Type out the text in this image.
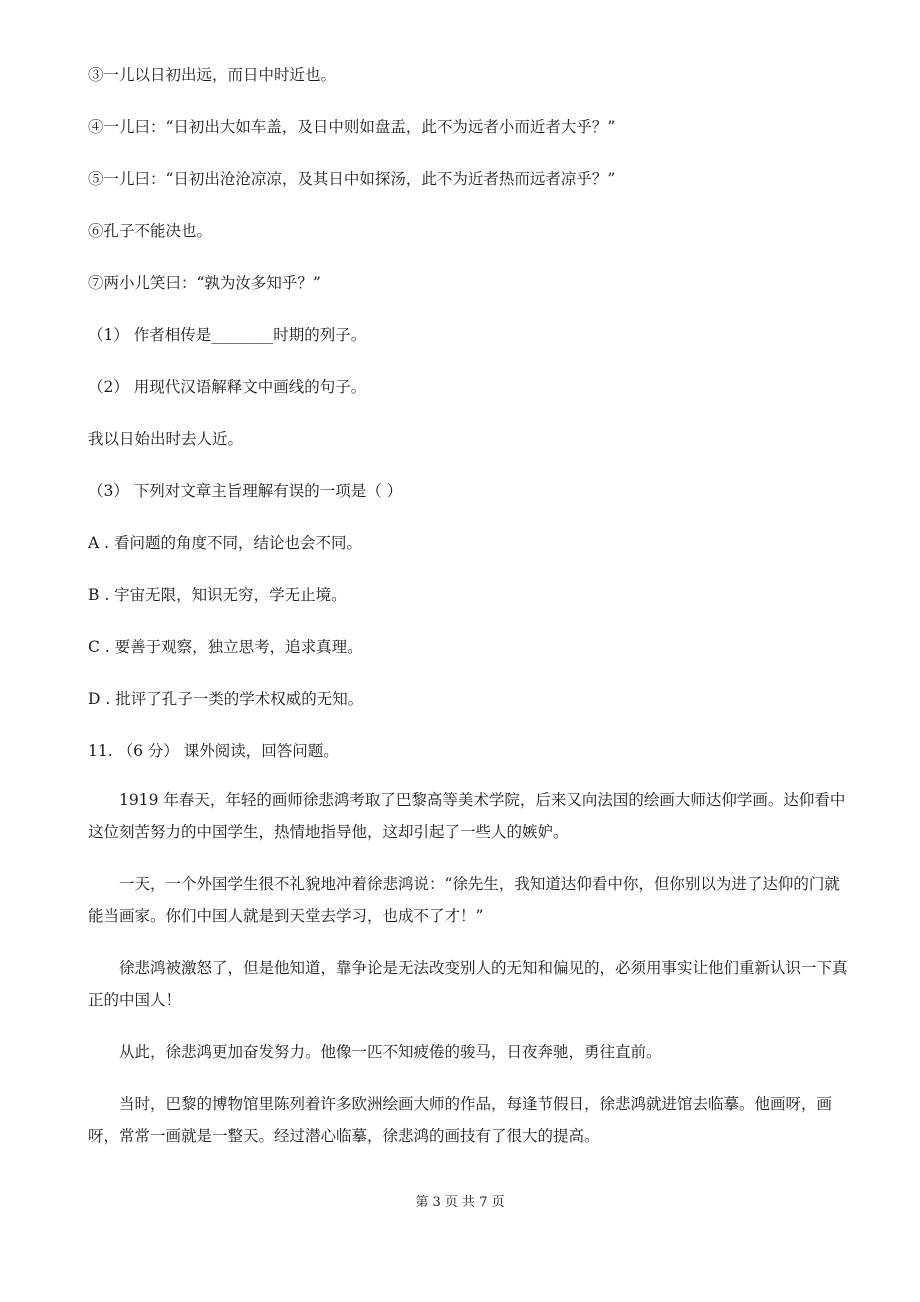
③一儿以日初出远，而日中时近也。
④一儿曰：“日初出大如车盖，及日中则如盘盂，此不为远者小而近者大乎？”
⑤一儿曰：“日初出沧沧凉凉，及其日中如探汤，此不为近者热而远者凉乎？”
⑥孔子不能决也。
⑦两小儿笑曰：“孰为汝多知乎？”
（1） 作者相传是________时期的列子。
（2） 用现代汉语解释文中画线的句子。
我以日始出时去人近。
（3） 下列对文章主旨理解有误的一项是（ ）
A . 看问题的角度不同，结论也会不同。
B . 宇宙无限，知识无穷，学无止境。
C . 要善于观察，独立思考，追求真理。
D . 批评了孔子一类的学术权威的无知。
11. （6 分） 课外阅读，回答问题。
1919 年春天，年轻的画师徐悲鸿考取了巴黎高等美术学院，后来又向法国的绘画大师达仰学画。达仰看中这位刻苦努力的中国学生，热情地指导他，这却引起了一些人的嫉妒。
一天，一个外国学生很不礼貌地冲着徐悲鸿说：“徐先生，我知道达仰看中你，但你别以为进了达仰的门就能当画家。你们中国人就是到天堂去学习，也成不了才！”
徐悲鸿被激怒了，但是他知道，靠争论是无法改变别人的无知和偏见的，必须用事实让他们重新认识一下真正的中国人！
从此，徐悲鸿更加奋发努力。他像一匹不知疲倦的骏马，日夜奔驰，勇往直前。
当时，巴黎的博物馆里陈列着许多欧洲绘画大师的作品，每逢节假日，徐悲鸿就进馆去临摹。他画呀，画呀，常常一画就是一整天。经过潜心临摹，徐悲鸿的画技有了很大的提高。
第 3 页 共 7 页
